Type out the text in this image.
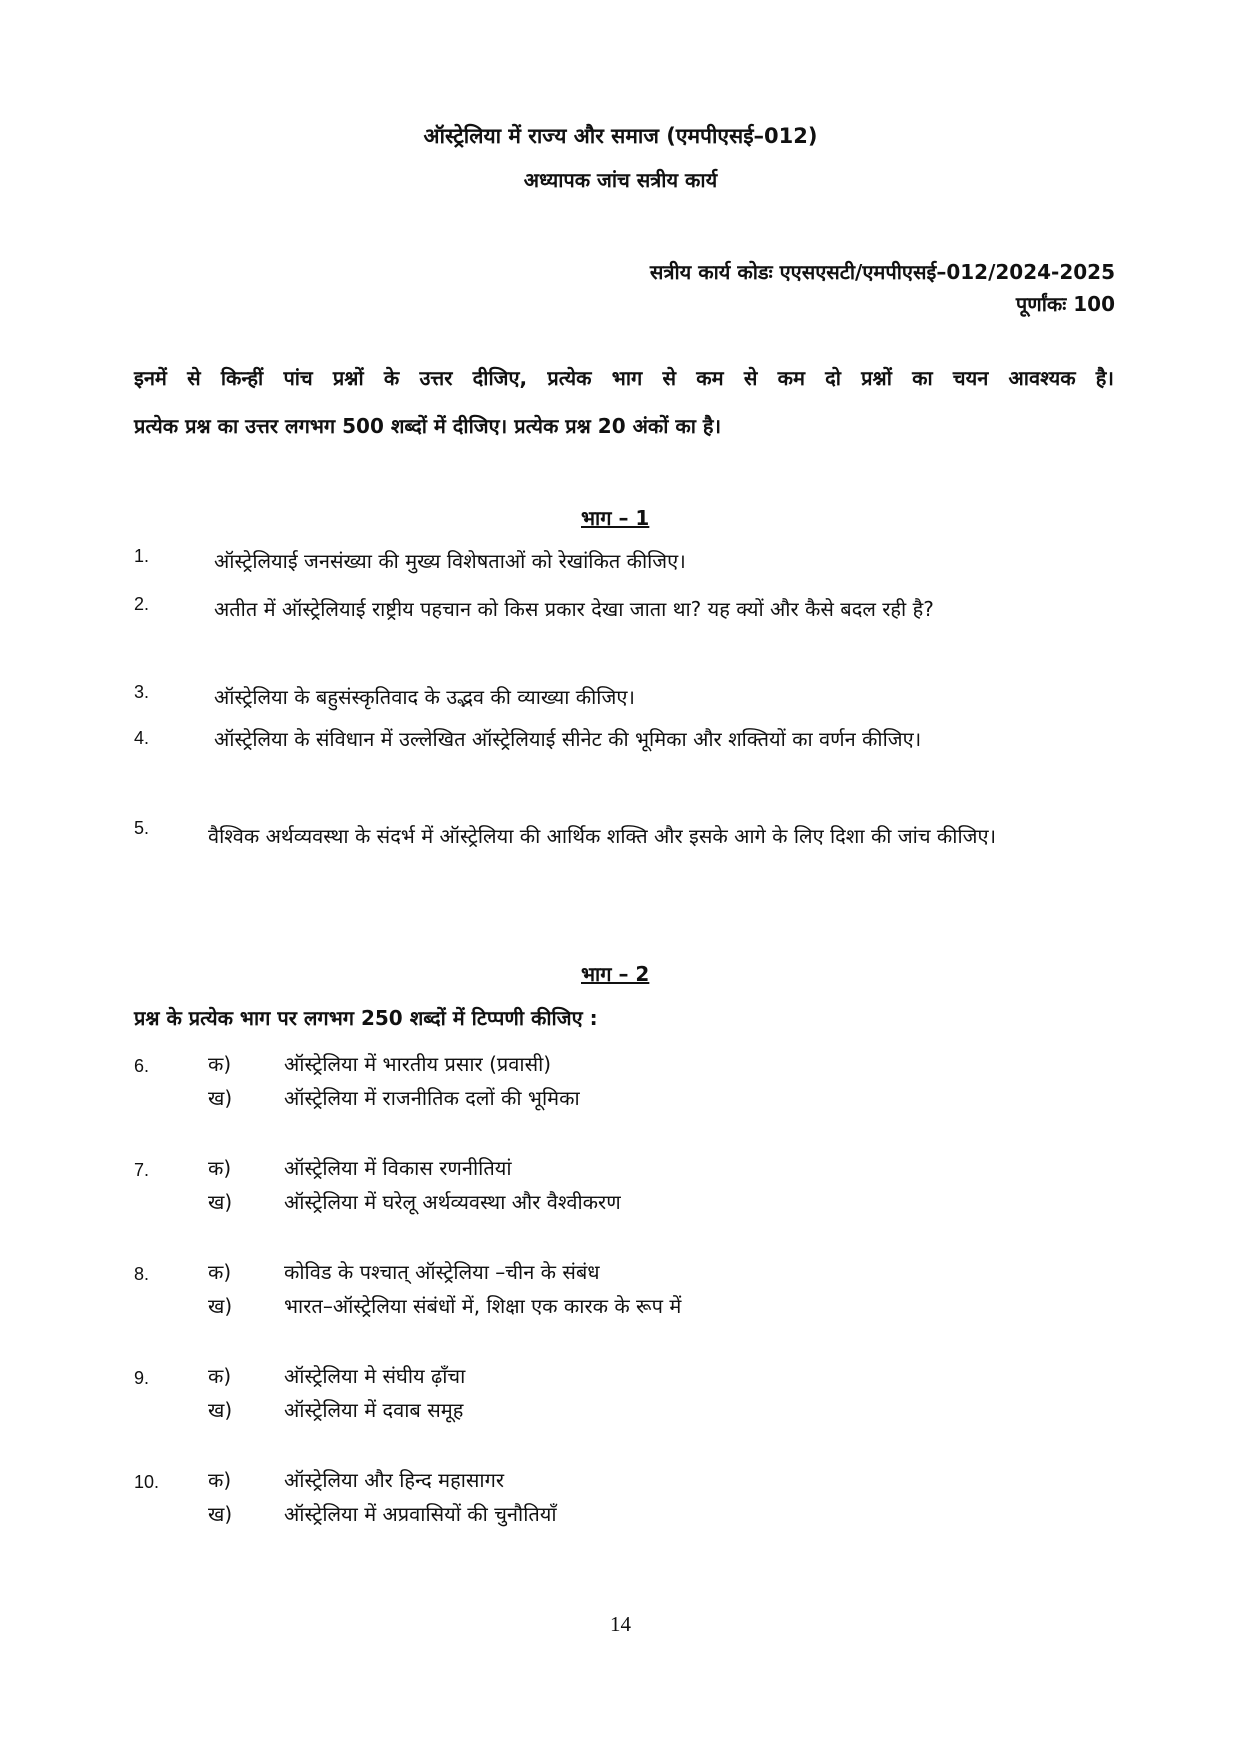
ऑस्ट्रेलिया में राज्य और समाज (एमपीएसई–012)
अध्यापक जांच सत्रीय कार्य
सत्रीय कार्य कोडः एएसएसटी/एमपीएसई–012/2024-2025
पूर्णांकः 100
इनमें से किन्हीं पांच प्रश्नों के उत्तर दीजिए, प्रत्येक भाग से कम से कम दो प्रश्नों का चयन आवश्यक है।
प्रत्येक प्रश्न का उत्तर लगभग 500 शब्दों में दीजिए। प्रत्येक प्रश्न 20 अंकों का है।
भाग – 1
1.	ऑस्ट्रेलियाई जनसंख्या की मुख्य विशेषताओं को रेखांकित कीजिए।
2.	अतीत में ऑस्ट्रेलियाई राष्ट्रीय पहचान को किस प्रकार देखा जाता था? यह क्यों और कैसे बदल रही है?
3.	ऑस्ट्रेलिया के बहुसंस्कृतिवाद के उद्भव की व्याख्या कीजिए।
4.	ऑस्ट्रेलिया के संविधान में उल्लेखित ऑस्ट्रेलियाई सीनेट की भूमिका और शक्तियों का वर्णन कीजिए।
5.	वैश्विक अर्थव्यवस्था के संदर्भ में ऑस्ट्रेलिया की आर्थिक शक्ति और इसके आगे के लिए दिशा की जांच कीजिए।
भाग – 2
प्रश्न के प्रत्येक भाग पर लगभग 250 शब्दों में टिप्पणी कीजिए :
6.	क)	ऑस्ट्रेलिया में भारतीय प्रसार (प्रवासी)
ख)	ऑस्ट्रेलिया में राजनीतिक दलों की भूमिका
7.	क)	ऑस्ट्रेलिया में विकास रणनीतियां
ख)	ऑस्ट्रेलिया में घरेलू अर्थव्यवस्था और वैश्वीकरण
8.	क)	कोविड के पश्चात् ऑस्ट्रेलिया –चीन के संबंध
ख)	भारत–ऑस्ट्रेलिया संबंधों में, शिक्षा एक कारक के रूप में
9.	क)	ऑस्ट्रेलिया मे संघीय ढ़ाँचा
ख)	ऑस्ट्रेलिया में दवाब समूह
10.	क)	ऑस्ट्रेलिया और हिन्द महासागर
ख)	ऑस्ट्रेलिया में अप्रवासियों की चुनौतियाँ
14
